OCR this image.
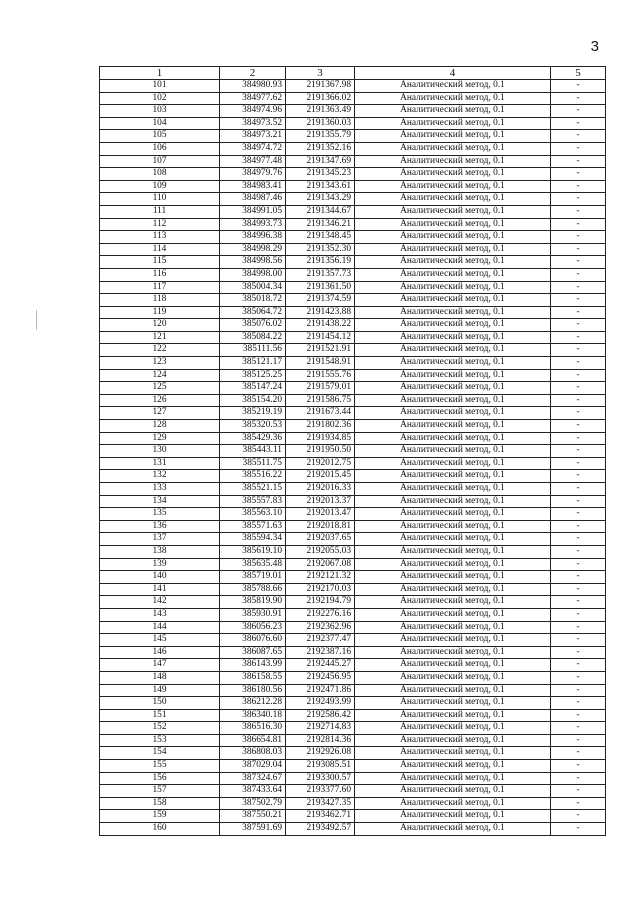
3
1	2	3	4	5
101	384980.93	2191367.98	Аналитический метод, 0.1	-
102	384977.62	2191366.02	Аналитический метод, 0.1	-
103	384974.96	2191363.49	Аналитический метод, 0.1	-
104	384973.52	2191360.03	Аналитический метод, 0.1	-
105	384973.21	2191355.79	Аналитический метод, 0.1	-
106	384974.72	2191352.16	Аналитический метод, 0.1	-
107	384977.48	2191347.69	Аналитический метод, 0.1	-
108	384979.76	2191345.23	Аналитический метод, 0.1	-
109	384983.41	2191343.61	Аналитический метод, 0.1	-
110	384987.46	2191343.29	Аналитический метод, 0.1	-
111	384991.05	2191344.67	Аналитический метод, 0.1	-
112	384993.73	2191346.21	Аналитический метод, 0.1	-
113	384996.38	2191348.45	Аналитический метод, 0.1	-
114	384998.29	2191352.30	Аналитический метод, 0.1	-
115	384998.56	2191356.19	Аналитический метод, 0.1	-
116	384998.00	2191357.73	Аналитический метод, 0.1	-
117	385004.34	2191361.50	Аналитический метод, 0.1	-
118	385018.72	2191374.59	Аналитический метод, 0.1	-
119	385064.72	2191423.88	Аналитический метод, 0.1	-
120	385076.02	2191438.22	Аналитический метод, 0.1	-
121	385084.22	2191454.12	Аналитический метод, 0.1	-
122	385111.56	2191521.91	Аналитический метод, 0.1	-
123	385121.17	2191548.91	Аналитический метод, 0.1	-
124	385125.25	2191555.76	Аналитический метод, 0.1	-
125	385147.24	2191579.01	Аналитический метод, 0.1	-
126	385154.20	2191586.75	Аналитический метод, 0.1	-
127	385219.19	2191673.44	Аналитический метод, 0.1	-
128	385320.53	2191802.36	Аналитический метод, 0.1	-
129	385429.36	2191934.85	Аналитический метод, 0.1	-
130	385443.11	2191950.50	Аналитический метод, 0.1	-
131	385511.75	2192012.75	Аналитический метод, 0.1	-
132	385516.22	2192015.45	Аналитический метод, 0.1	-
133	385521.15	2192016.33	Аналитический метод, 0.1	-
134	385557.83	2192013.37	Аналитический метод, 0.1	-
135	385563.10	2192013.47	Аналитический метод, 0.1	-
136	385571.63	2192018.81	Аналитический метод, 0.1	-
137	385594.34	2192037.65	Аналитический метод, 0.1	-
138	385619.10	2192055.03	Аналитический метод, 0.1	-
139	385635.48	2192067.08	Аналитический метод, 0.1	-
140	385719.01	2192121.32	Аналитический метод, 0.1	-
141	385788.66	2192170.03	Аналитический метод, 0.1	-
142	385819.90	2192194.79	Аналитический метод, 0.1	-
143	385930.91	2192276.16	Аналитический метод, 0.1	-
144	386056.23	2192362.96	Аналитический метод, 0.1	-
145	386076.60	2192377.47	Аналитический метод, 0.1	-
146	386087.65	2192387.16	Аналитический метод, 0.1	-
147	386143.99	2192445.27	Аналитический метод, 0.1	-
148	386158.55	2192456.95	Аналитический метод, 0.1	-
149	386180.56	2192471.86	Аналитический метод, 0.1	-
150	386212.28	2192493.99	Аналитический метод, 0.1	-
151	386340.18	2192586.42	Аналитический метод, 0.1	-
152	386516.30	2192714.83	Аналитический метод, 0.1	-
153	386654.81	2192814.36	Аналитический метод, 0.1	-
154	386808.03	2192926.08	Аналитический метод, 0.1	-
155	387029.04	2193085.51	Аналитический метод, 0.1	-
156	387324.67	2193300.57	Аналитический метод, 0.1	-
157	387433.64	2193377.60	Аналитический метод, 0.1	-
158	387502.79	2193427.35	Аналитический метод, 0.1	-
159	387550.21	2193462.71	Аналитический метод, 0.1	-
160	387591.69	2193492.57	Аналитический метод, 0.1	-
